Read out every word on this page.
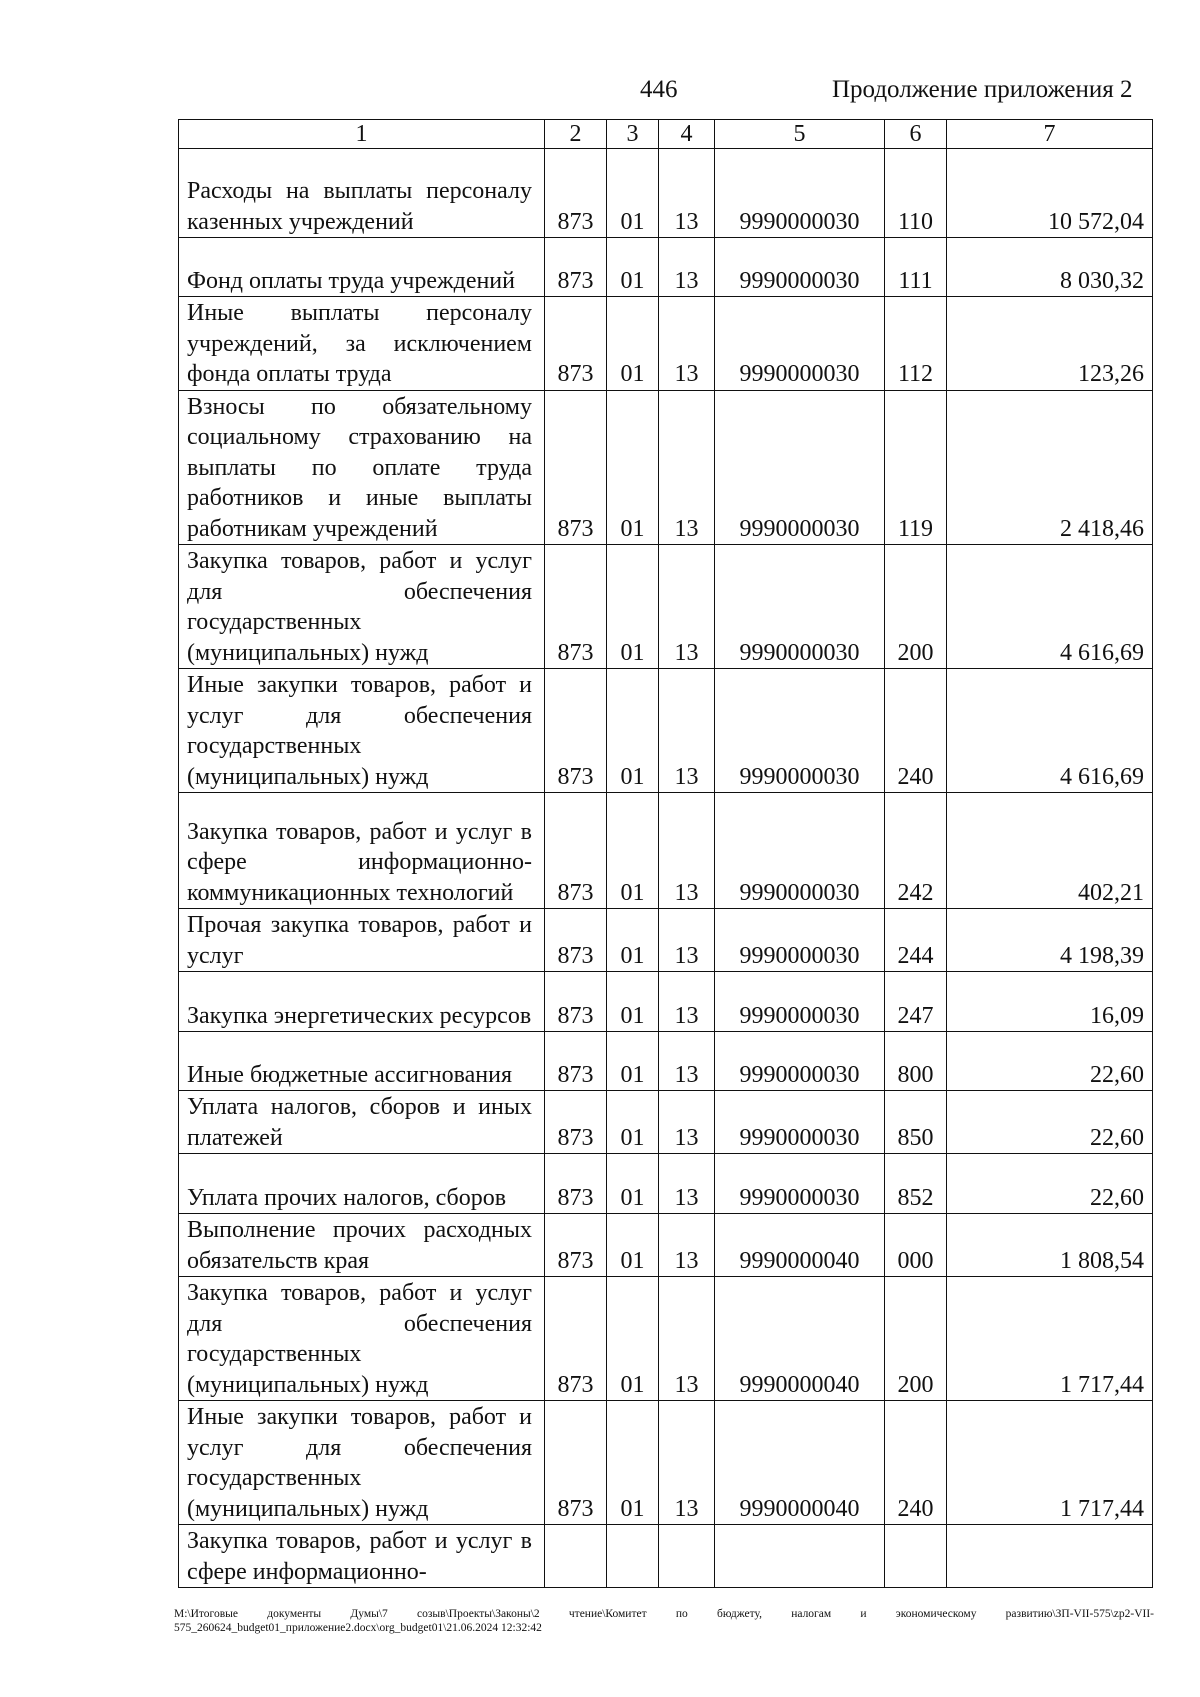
446	Продолжение приложения 2
1	2	3	4	5	6	7
Расходы на выплаты персоналу казенных учреждений	873	01	13	9990000030	110	10 572,04
Фонд оплаты труда учреждений	873	01	13	9990000030	111	8 030,32
Иные выплаты персоналу учреждений, за исключением фонда оплаты труда	873	01	13	9990000030	112	123,26
Взносы по обязательному социальному страхованию на выплаты по оплате труда работников и иные выплаты работникам учреждений	873	01	13	9990000030	119	2 418,46
Закупка товаров, работ и услуг для обеспечения государственных (муниципальных) нужд	873	01	13	9990000030	200	4 616,69
Иные закупки товаров, работ и услуг для обеспечения государственных (муниципальных) нужд	873	01	13	9990000030	240	4 616,69
Закупка товаров, работ и услуг в сфере информационно-коммуникационных технологий	873	01	13	9990000030	242	402,21
Прочая закупка товаров, работ и услуг	873	01	13	9990000030	244	4 198,39
Закупка энергетических ресурсов	873	01	13	9990000030	247	16,09
Иные бюджетные ассигнования	873	01	13	9990000030	800	22,60
Уплата налогов, сборов и иных платежей	873	01	13	9990000030	850	22,60
Уплата прочих налогов, сборов	873	01	13	9990000030	852	22,60
Выполнение прочих расходных обязательств края	873	01	13	9990000040	000	1 808,54
Закупка товаров, работ и услуг для обеспечения государственных (муниципальных) нужд	873	01	13	9990000040	200	1 717,44
Иные закупки товаров, работ и услуг для обеспечения государственных (муниципальных) нужд	873	01	13	9990000040	240	1 717,44
Закупка товаров, работ и услуг в сфере информационно-						
M:\Итоговые документы Думы\7 созыв\Проекты\Законы\2 чтение\Комитет по бюджету, налогам и экономическому развитию\ЗП-VII-575\zp2-VII-575_260624_budget01_приложение2.docx\org_budget01\21.06.2024 12:32:42
